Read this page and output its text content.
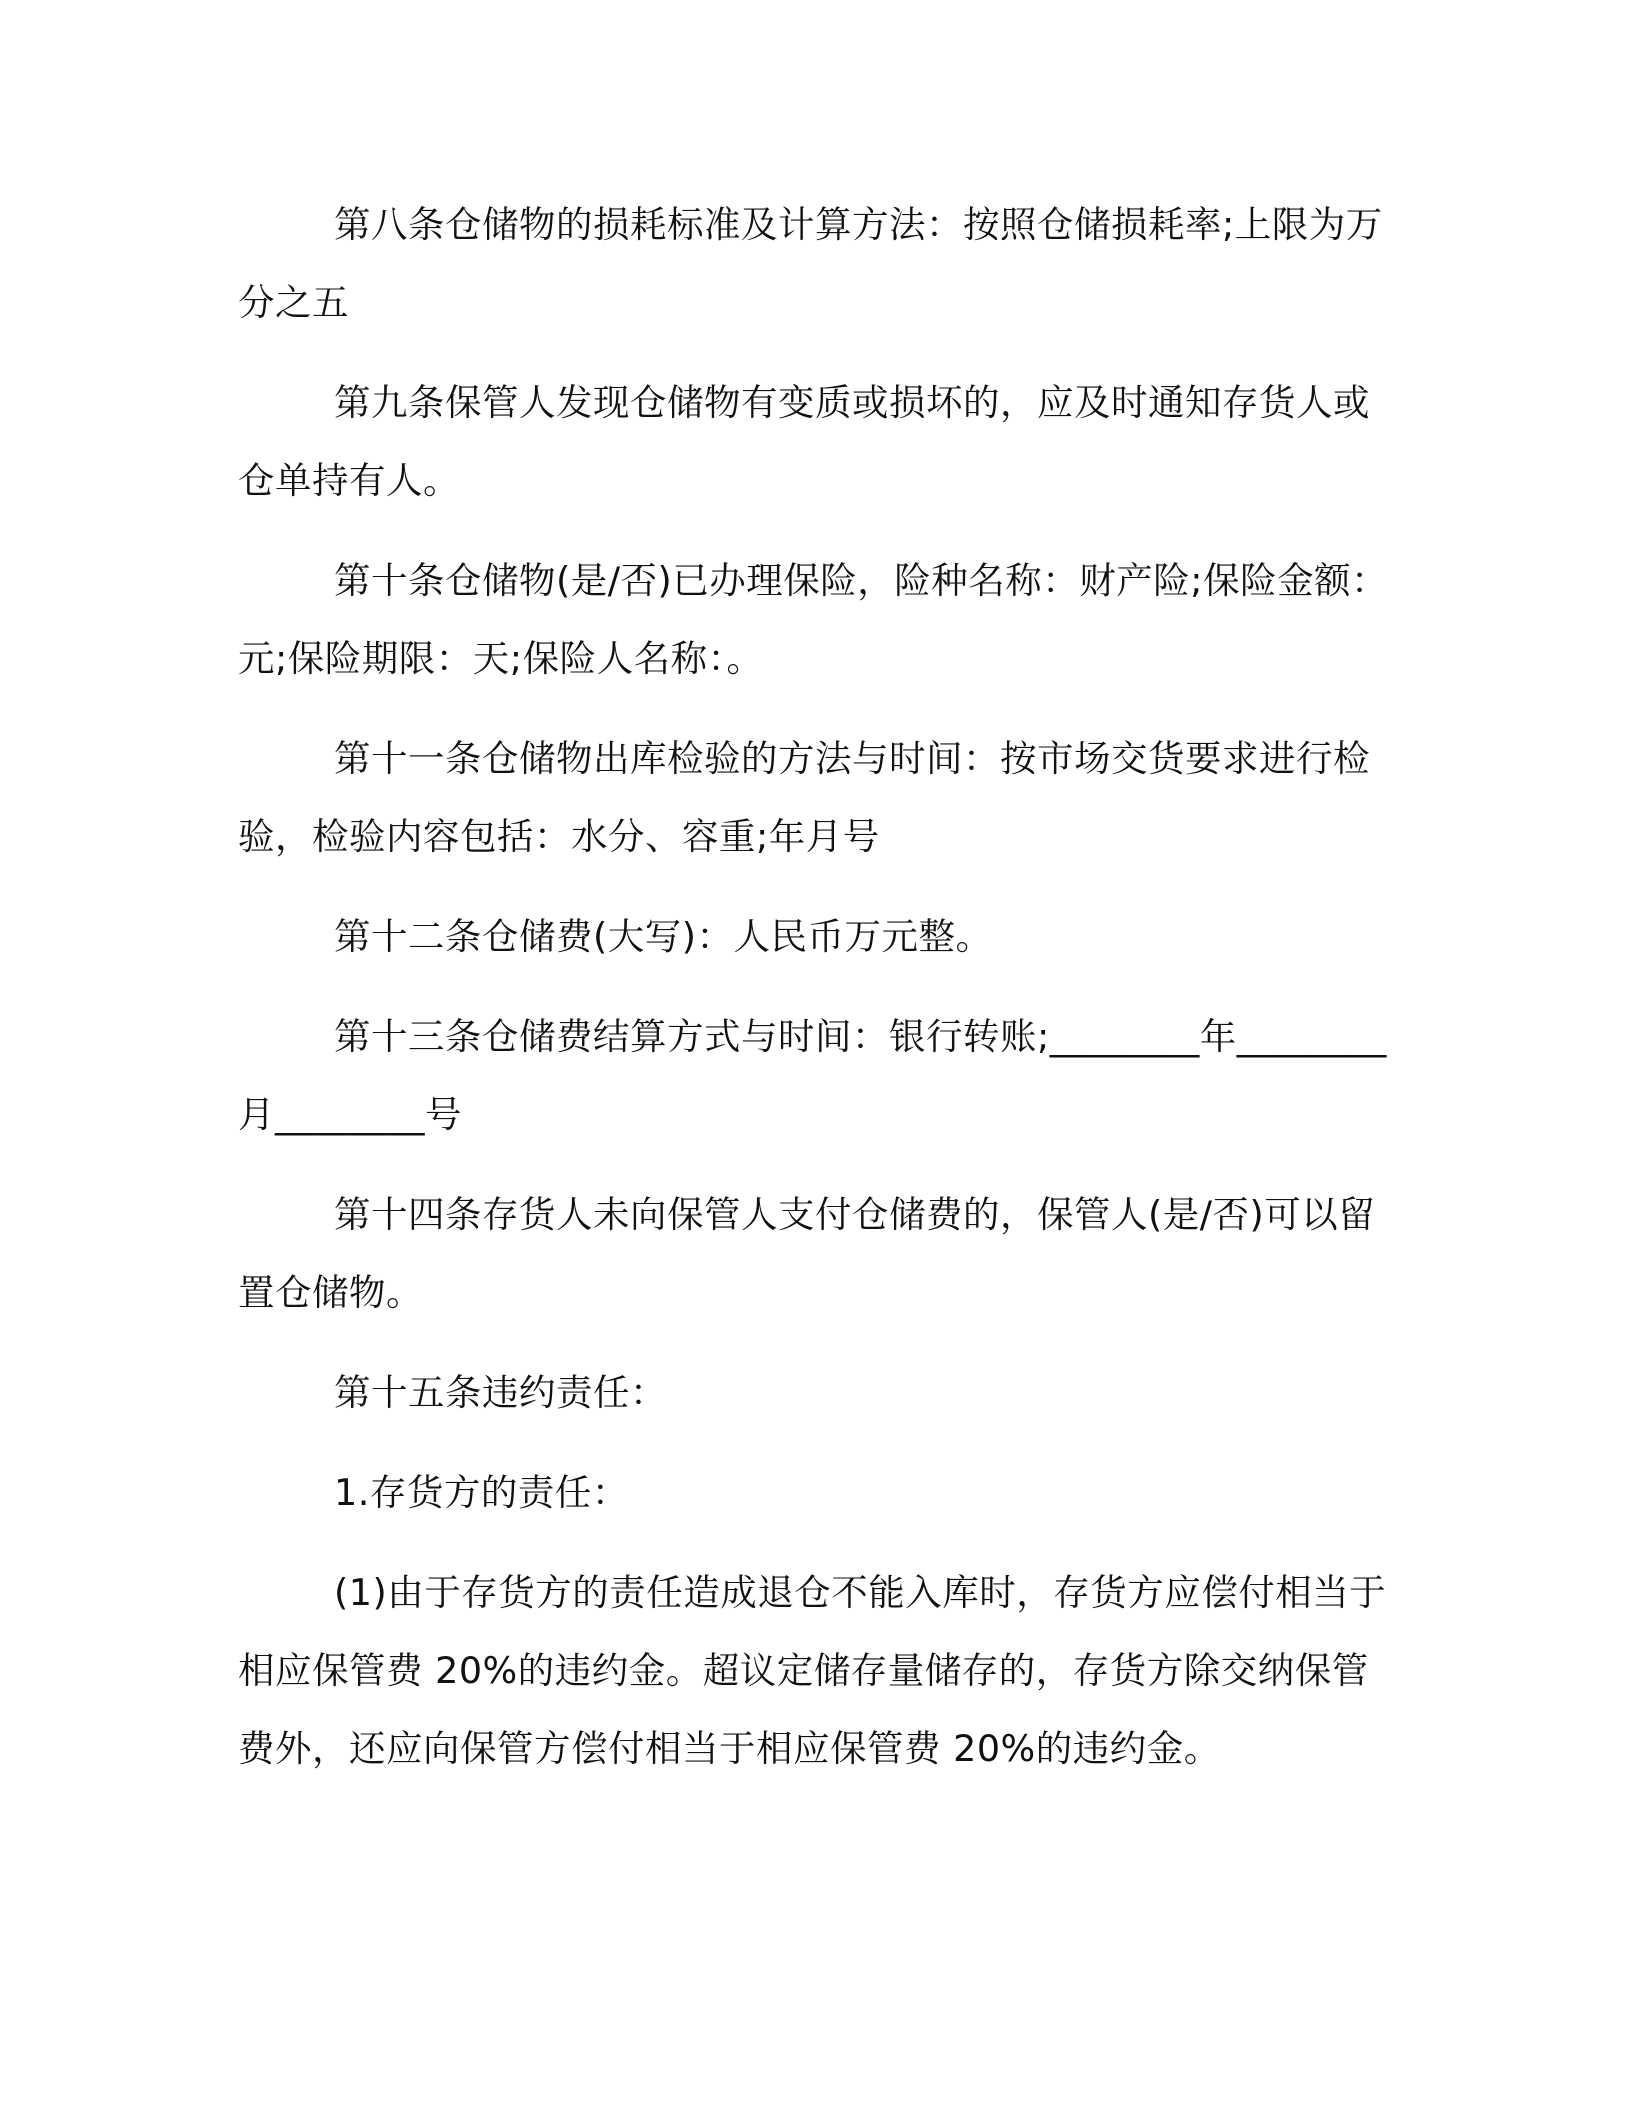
第八条仓储物的损耗标准及计算方法：按照仓储损耗率;上限为万分之五

第九条保管人发现仓储物有变质或损坏的，应及时通知存货人或仓单持有人。

第十条仓储物(是/否)已办理保险，险种名称：财产险;保险金额：元;保险期限：天;保险人名称：。

第十一条仓储物出库检验的方法与时间：按市场交货要求进行检验，检验内容包括：水分、容重;年月号

第十二条仓储费(大写)：人民币万元整。

第十三条仓储费结算方式与时间：银行转账;________年________月________号

第十四条存货人未向保管人支付仓储费的，保管人(是/否)可以留置仓储物。

第十五条违约责任：

1.存货方的责任：

(1)由于存货方的责任造成退仓不能入库时，存货方应偿付相当于相应保管费 20%的违约金。超议定储存量储存的，存货方除交纳保管费外，还应向保管方偿付相当于相应保管费 20%的违约金。
